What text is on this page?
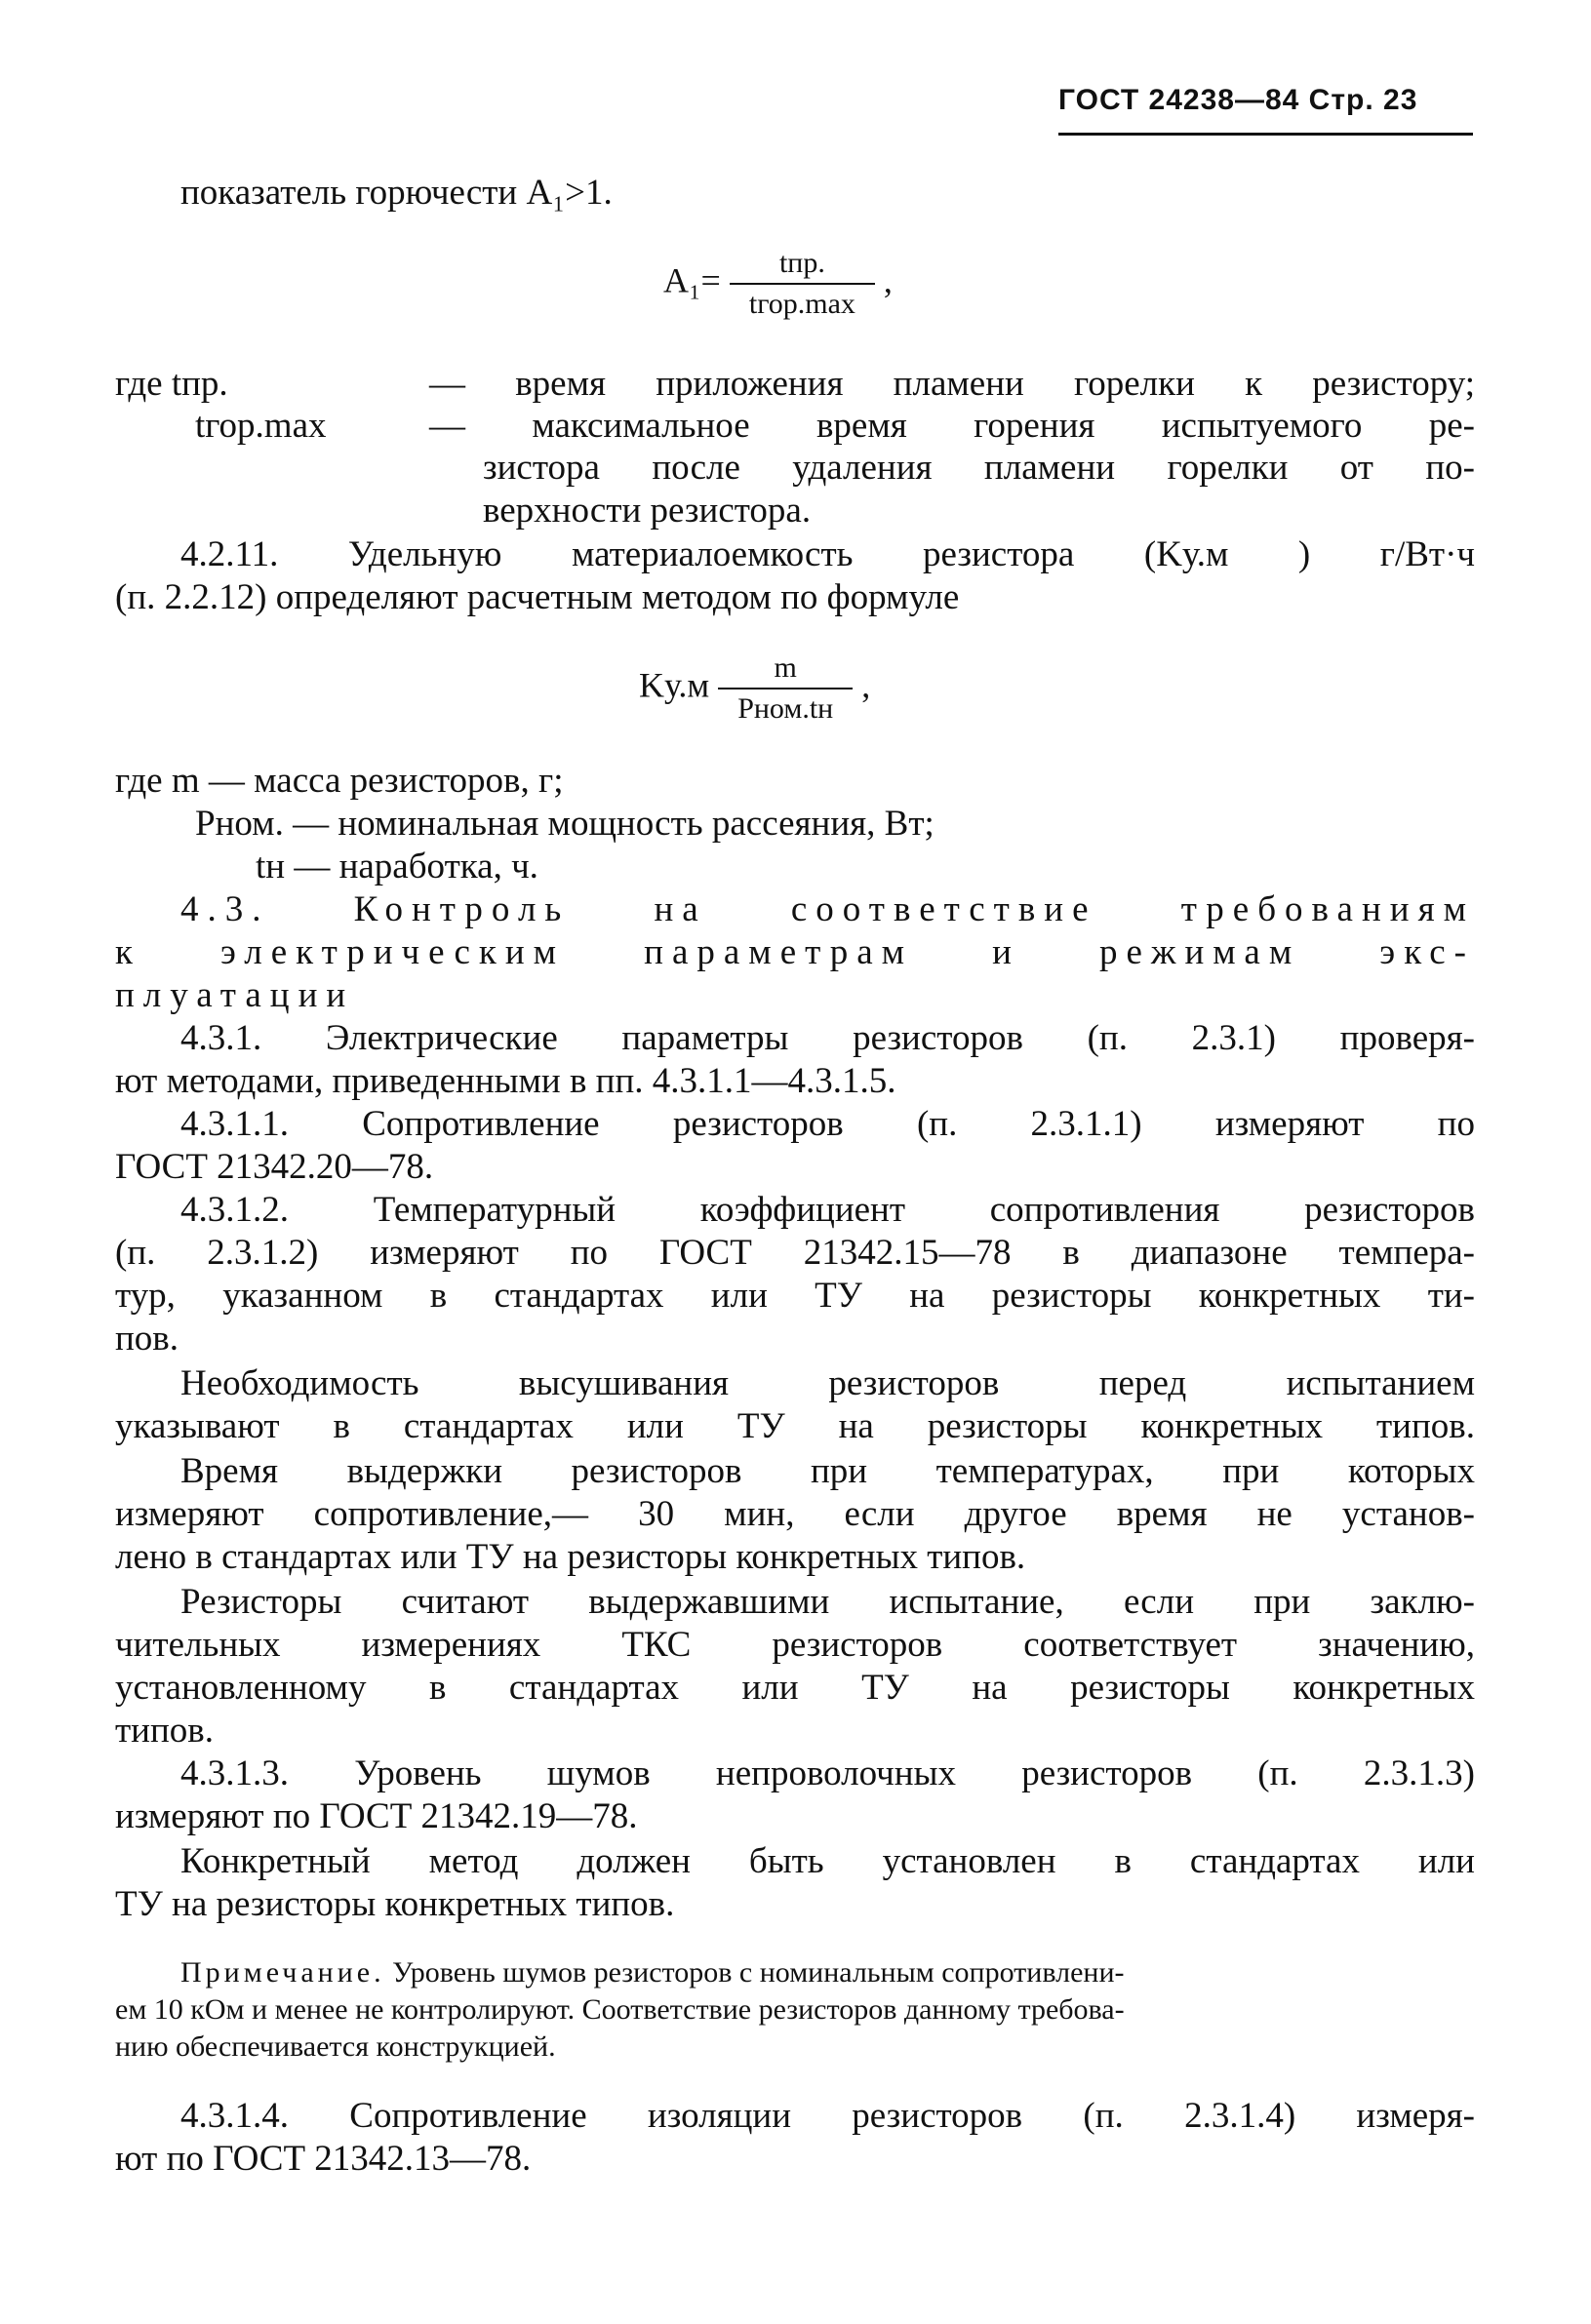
ГОСТ 24238—84 Стр. 23
показатель горючести A₁>1.
$A_1= \frac{\text{tпр.}}{\text{tгор.max}}$ ,
где tпр.	— время приложения пламени горелки к резистору;
tгор.max	— максимальное время горения испытуемого ре-
зистора после удаления пламени горелки от по-
верхности резистора.
4.2.11. Удельную материалоемкость резистора (Kу.м ) г/Вт·ч
(п. 2.2.12) определяют расчетным методом по формуле
$Kу.м \frac{m}{\text{Pном.tн}}$ ,
где m — масса резисторов, г;
Pном. — номинальная мощность рассеяния, Вт;
tн — наработка, ч.
4.3. Контроль на соответствие требованиям
к электрическим параметрам и режимам экс-
плуатации
4.3.1. Электрические параметры резисторов (п. 2.3.1) проверя-
ют методами, приведенными в пп. 4.3.1.1—4.3.1.5.
4.3.1.1. Сопротивление резисторов (п. 2.3.1.1) измеряют по
ГОСТ 21342.20—78.
4.3.1.2. Температурный коэффициент сопротивления резисторов
(п. 2.3.1.2) измеряют по ГОСТ 21342.15—78 в диапазоне темпера-
тур, указанном в стандартах или ТУ на резисторы конкретных ти-
пов.
Необходимость высушивания резисторов перед испытанием
указывают в стандартах или ТУ на резисторы конкретных типов.
Время выдержки резисторов при температурах, при которых
измеряют сопротивление,— 30 мин, если другое время не установ-
лено в стандартах или ТУ на резисторы конкретных типов.
Резисторы считают выдержавшими испытание, если при заклю-
чительных измерениях ТКС резисторов соответствует значению,
установленному в стандартах или ТУ на резисторы конкретных
типов.
4.3.1.3. Уровень шумов непроволочных резисторов (п. 2.3.1.3)
измеряют по ГОСТ 21342.19—78.
Конкретный метод должен быть установлен в стандартах или
ТУ на резисторы конкретных типов.
Примечание. Уровень шумов резисторов с номинальным сопротивлени-
ем 10 кОм и менее не контролируют. Соответствие резисторов данному требова-
нию обеспечивается конструкцией.
4.3.1.4. Сопротивление изоляции резисторов (п. 2.3.1.4) измеря-
ют по ГОСТ 21342.13—78.
